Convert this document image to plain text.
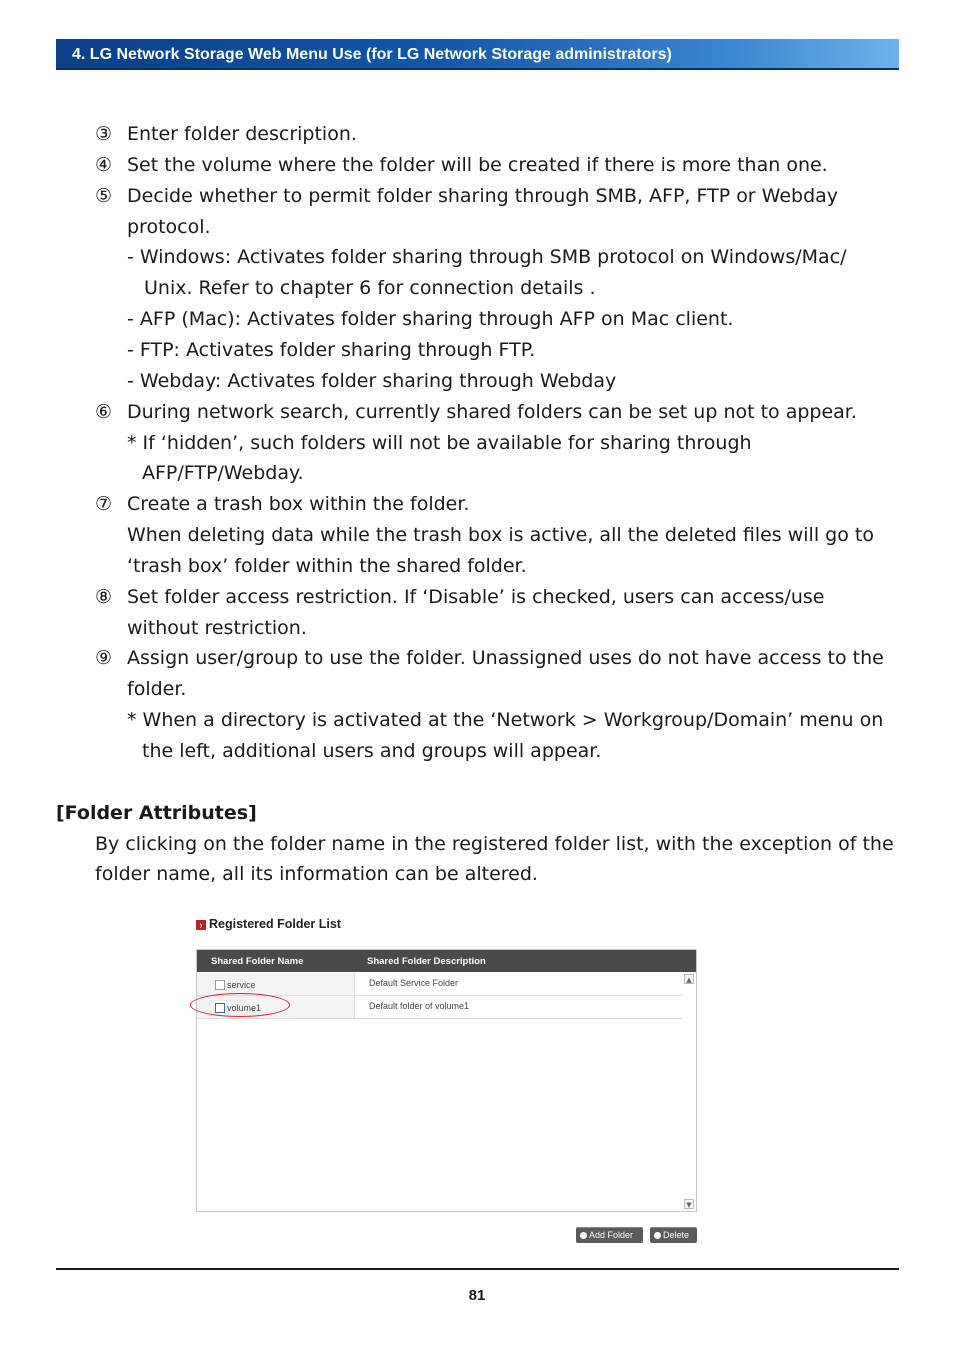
4. LG Network Storage Web Menu Use (for LG Network Storage administrators)
③ Enter folder description.
④ Set the volume where the folder will be created if there is more than one.
⑤ Decide whether to permit folder sharing through SMB, AFP, FTP or Webday
protocol.
- Windows: Activates folder sharing through SMB protocol on Windows/Mac/
Unix. Refer to chapter 6 for connection details .
- AFP (Mac): Activates folder sharing through AFP on Mac client.
- FTP: Activates folder sharing through FTP.
- Webday: Activates folder sharing through Webday
⑥ During network search, currently shared folders can be set up not to appear.
* If ‘hidden’, such folders will not be available for sharing through
AFP/FTP/Webday.
⑦ Create a trash box within the folder.
When deleting data while the trash box is active, all the deleted files will go to
‘trash box’ folder within the shared folder.
⑧ Set folder access restriction. If ‘Disable’ is checked, users can access/use
without restriction.
⑨ Assign user/group to use the folder. Unassigned uses do not have access to the
folder.
* When a directory is activated at the ‘Network > Workgroup/Domain’ menu on
the left, additional users and groups will appear.
[Folder Attributes]
By clicking on the folder name in the registered folder list, with the exception of the
folder name, all its information can be altered.
› Registered Folder List
Shared Folder Name	Shared Folder Description
service	Default Service Folder
volume1	Default folder of volume1
▲
▼
Add Folder	Delete
81
